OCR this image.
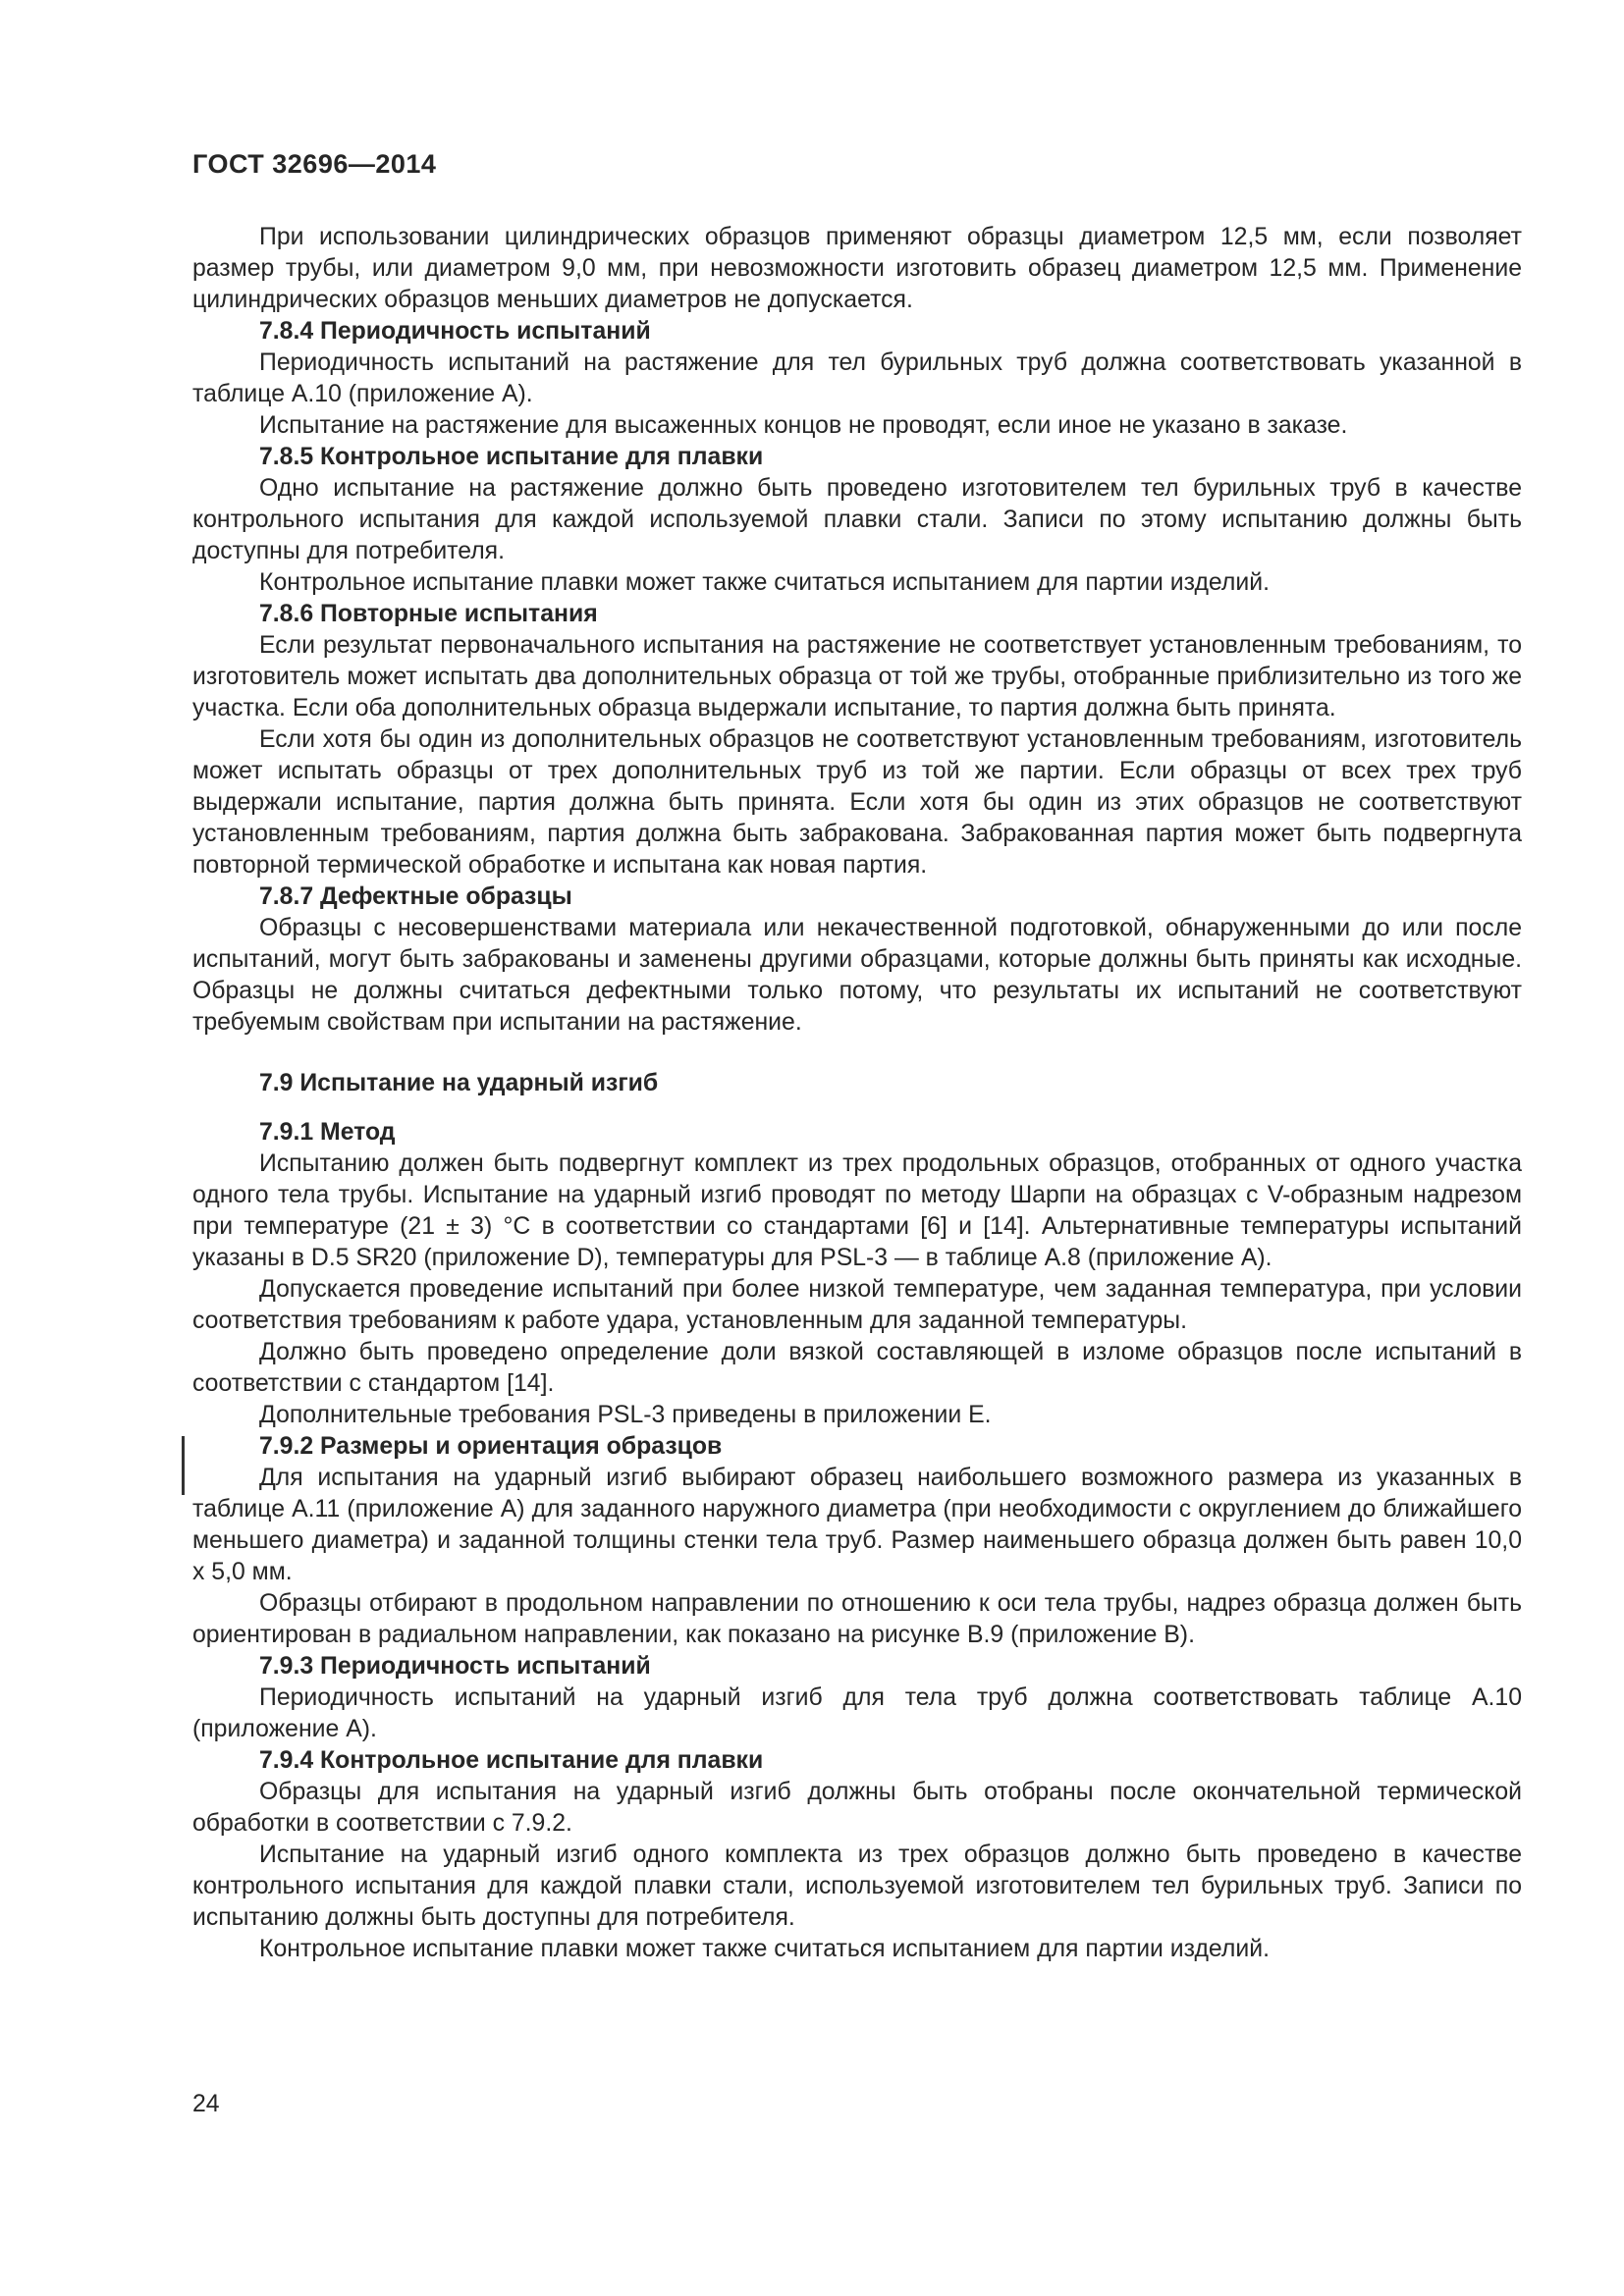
ГОСТ 32696—2014

При использовании цилиндрических образцов применяют образцы диаметром 12,5 мм, если позволяет размер трубы, или диаметром 9,0 мм, при невозможности изготовить образец диаметром 12,5 мм. Применение цилиндрических образцов меньших диаметров не допускается.

7.8.4 Периодичность испытаний

Периодичность испытаний на растяжение для тел бурильных труб должна соответствовать указанной в таблице А.10 (приложение А).

Испытание на растяжение для высаженных концов не проводят, если иное не указано в заказе.

7.8.5 Контрольное испытание для плавки

Одно испытание на растяжение должно быть проведено изготовителем тел бурильных труб в качестве контрольного испытания для каждой используемой плавки стали. Записи по этому испытанию должны быть доступны для потребителя.

Контрольное испытание плавки может также считаться испытанием для партии изделий.

7.8.6 Повторные испытания

Если результат первоначального испытания на растяжение не соответствует установленным требованиям, то изготовитель может испытать два дополнительных образца от той же трубы, отобранные приблизительно из того же участка. Если оба дополнительных образца выдержали испытание, то партия должна быть принята.

Если хотя бы один из дополнительных образцов не соответствуют установленным требованиям, изготовитель может испытать образцы от трех дополнительных труб из той же партии. Если образцы от всех трех труб выдержали испытание, партия должна быть принята. Если хотя бы один из этих образцов не соответствуют установленным требованиям, партия должна быть забракована. Забракованная партия может быть подвергнута повторной термической обработке и испытана как новая партия.

7.8.7 Дефектные образцы

Образцы с несовершенствами материала или некачественной подготовкой, обнаруженными до или после испытаний, могут быть забракованы и заменены другими образцами, которые должны быть приняты как исходные. Образцы не должны считаться дефектными только потому, что результаты их испытаний не соответствуют требуемым свойствам при испытании на растяжение.

7.9 Испытание на ударный изгиб
7.9.1 Метод

Испытанию должен быть подвергнут комплект из трех продольных образцов, отобранных от одного участка одного тела трубы. Испытание на ударный изгиб проводят по методу Шарпи на образцах с V-образным надрезом при температуре (21 ± 3) °С в соответствии со стандартами [6] и [14]. Альтернативные температуры испытаний указаны в D.5 SR20 (приложение D), температуры для PSL-3 — в таблице А.8 (приложение А).

Допускается проведение испытаний при более низкой температуре, чем заданная температура, при условии соответствия требованиям к работе удара, установленным для заданной температуры.

Должно быть проведено определение доли вязкой составляющей в изломе образцов после испытаний в соответствии с стандартом [14].

Дополнительные требования PSL-3 приведены в приложении Е.

7.9.2 Размеры и ориентация образцов

Для испытания на ударный изгиб выбирают образец наибольшего возможного размера из указанных в таблице А.11 (приложение А) для заданного наружного диаметра (при необходимости с округлением до ближайшего меньшего диаметра) и заданной толщины стенки тела труб. Размер наименьшего образца должен быть равен 10,0 x 5,0 мм.

Образцы отбирают в продольном направлении по отношению к оси тела трубы, надрез образца должен быть ориентирован в радиальном направлении, как показано на рисунке В.9 (приложение В).

7.9.3 Периодичность испытаний

Периодичность испытаний на ударный изгиб для тела труб должна соответствовать таблице А.10 (приложение А).

7.9.4 Контрольное испытание для плавки

Образцы для испытания на ударный изгиб должны быть отобраны после окончательной термической обработки в соответствии с 7.9.2.

Испытание на ударный изгиб одного комплекта из трех образцов должно быть проведено в качестве контрольного испытания для каждой плавки стали, используемой изготовителем тел бурильных труб. Записи по испытанию должны быть доступны для потребителя.

Контрольное испытание плавки может также считаться испытанием для партии изделий.

24
